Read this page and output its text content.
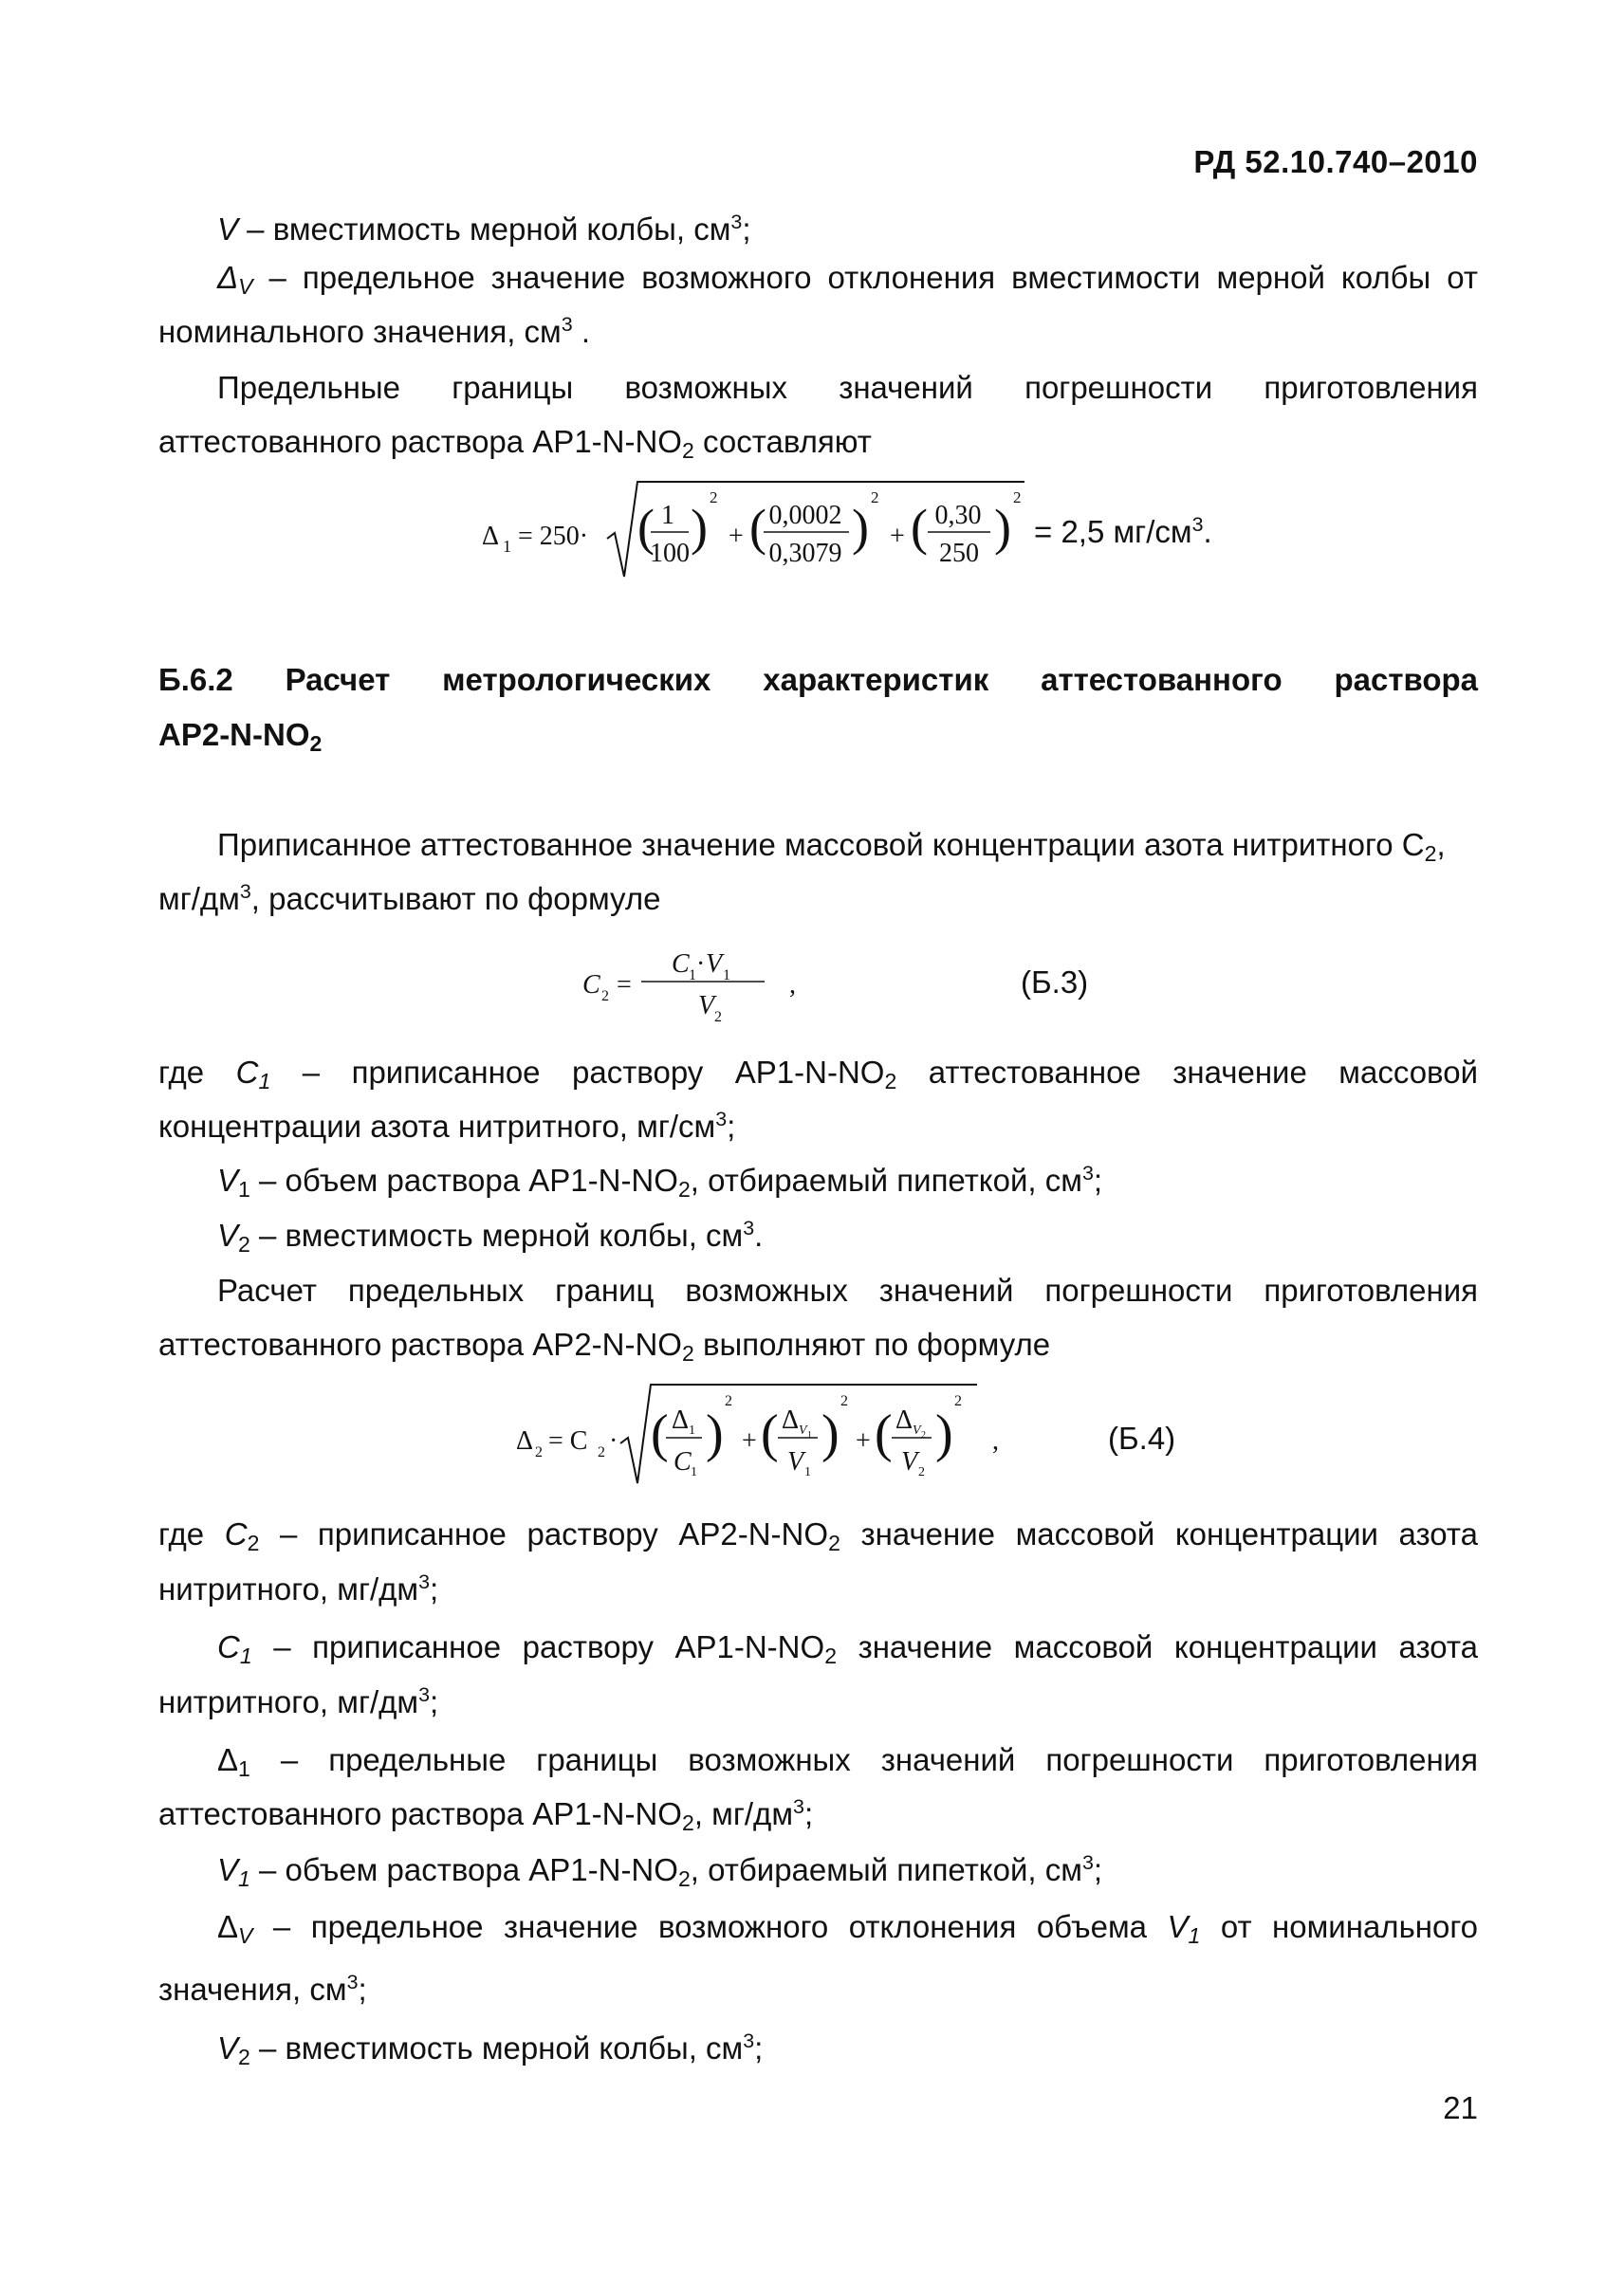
РД 52.10.740–2010
V – вместимость мерной колбы, $см^3$;
$\Delta_V$ – предельное значение возможного отклонения вместимости мерной колбы от
номинального значения, $см^3$ .
Предельные границы возможных значений погрешности приготовления
аттестованного раствора $АР1-N-NO_2$ составляют
Δ 1 = 250· ( 1
100 )
2
+ ( 0,0002
0,3079 )
2
+ ( 0,30
250 )
2
= 2,5 $мг/см^3$.
Б.6.2 Расчет метрологических характеристик аттестованного раствора
$АР2-N-NO_2$
Приписанное аттестованное значение массовой концентрации азота нитритного $С_2$,
$мг/дм^3$, рассчитывают по формуле
C 2 =
C 1 · V 1
V 2
,	(Б.3)
где $С_1$ – приписанное раствору $АР1-N-NO_2$ аттестованное значение массовой
концентрации азота нитритного, $мг/см^3$;
$V_1$ – объем раствора $АР1-N-NO_2$, отбираемый пипеткой, $см^3$;
$V_2$ – вместимость мерной колбы, $см^3$.
Расчет предельных границ возможных значений погрешности приготовления
аттестованного раствора $АР2-N-NO_2$ выполняют по формуле
Δ 2 = C 2 · ( Δ 1
C 1
)
2
+ ( Δ V 1
V 1
)
2
+ ( Δ V 2
V 2
)
2
,	(Б.4)
где $С_2$ – приписанное раствору $АР2-N-NO_2$ значение массовой концентрации азота
нитритного, $мг/дм^3$;
$С_1$ – приписанное раствору $АР1-N-NO_2$ значение массовой концентрации азота
нитритного, $мг/дм^3$;
$\Delta_1$ – предельные границы возможных значений погрешности приготовления
аттестованного раствора $АР1-N-NO_2$, $мг/дм^3$;
$V_1$ – объем раствора $АР1-N-NO_2$, отбираемый пипеткой, $см^3$;
$\Delta_V$ – предельное значение возможного отклонения объема $V_1$ от номинального
значения, $см^3$;
$V_2$ – вместимость мерной колбы, $см^3$;
21
